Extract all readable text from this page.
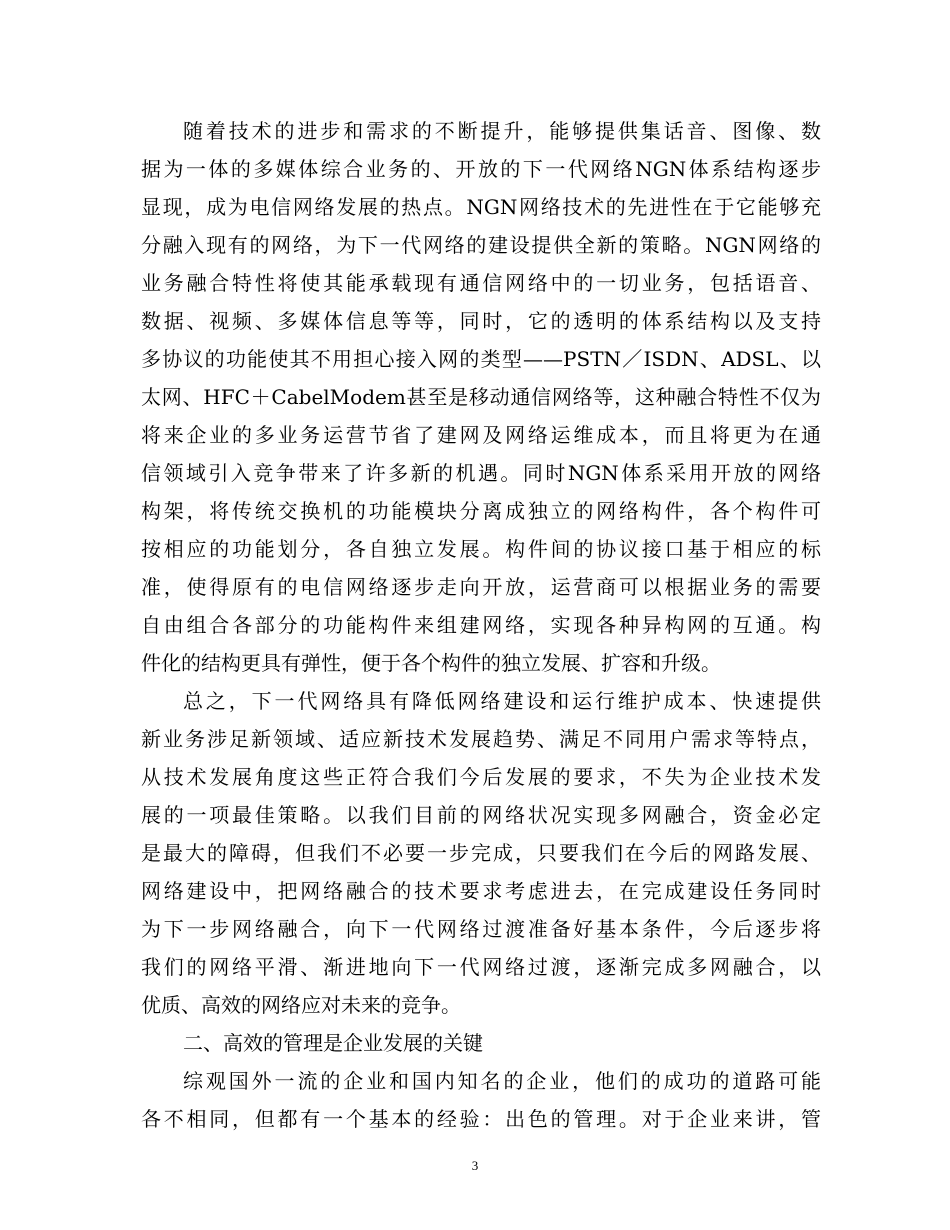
随着技术的进步和需求的不断提升，能够提供集话音、图像、数
据为一体的多媒体综合业务的、开放的下一代网络NGN体系结构逐步
显现，成为电信网络发展的热点。NGN网络技术的先进性在于它能够充
分融入现有的网络，为下一代网络的建设提供全新的策略。NGN网络的
业务融合特性将使其能承载现有通信网络中的一切业务，包括语音、
数据、视频、多媒体信息等等，同时，它的透明的体系结构以及支持
多协议的功能使其不用担心接入网的类型——PSTN／ISDN、ADSL、以
太网、HFC＋CabelModem甚至是移动通信网络等，这种融合特性不仅为
将来企业的多业务运营节省了建网及网络运维成本，而且将更为在通
信领域引入竞争带来了许多新的机遇。同时NGN体系采用开放的网络
构架，将传统交换机的功能模块分离成独立的网络构件，各个构件可
按相应的功能划分，各自独立发展。构件间的协议接口基于相应的标
准，使得原有的电信网络逐步走向开放，运营商可以根据业务的需要
自由组合各部分的功能构件来组建网络，实现各种异构网的互通。构
件化的结构更具有弹性，便于各个构件的独立发展、扩容和升级。
总之，下一代网络具有降低网络建设和运行维护成本、快速提供
新业务涉足新领域、适应新技术发展趋势、满足不同用户需求等特点，
从技术发展角度这些正符合我们今后发展的要求，不失为企业技术发
展的一项最佳策略。以我们目前的网络状况实现多网融合，资金必定
是最大的障碍，但我们不必要一步完成，只要我们在今后的网路发展、
网络建设中，把网络融合的技术要求考虑进去，在完成建设任务同时
为下一步网络融合，向下一代网络过渡准备好基本条件，今后逐步将
我们的网络平滑、渐进地向下一代网络过渡，逐渐完成多网融合，以
优质、高效的网络应对未来的竞争。
二、高效的管理是企业发展的关键
综观国外一流的企业和国内知名的企业，他们的成功的道路可能
各不相同，但都有一个基本的经验：出色的管理。对于企业来讲，管
3
